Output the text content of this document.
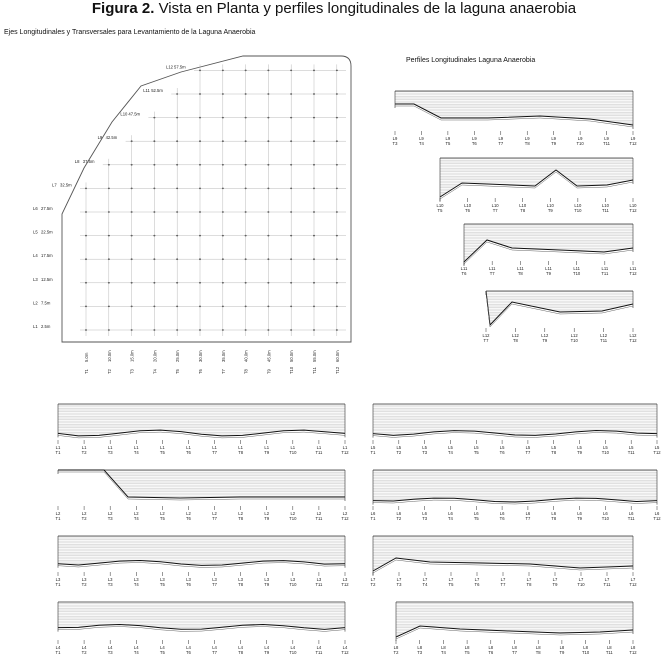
Figura 2. Vista en Planta y perfiles longitudinales de la laguna anaerobia
Ejes Longitudinales y Transversales para Levantamiento de la Laguna Anaerobia
Perfiles Longitudinales Laguna Anaerobia
L1 2.5m
L2 7.5m
L3 12.5m
L4 17.5m
L5 22.5m
L6 27.5m
L7 32.5m
L8 37.5m
L9 42.5m
L10 47.5m
L11 52.5m
L12 57.5m
T1
5.0m
T2
10.0m
T3
15.0m
T4
20.0m
T5
25.0m
T6
30.0m
T7
35.0m
T8
40.0m
T9
45.0m
T10
50.0m
T11
55.0m
T12
60.0m
L9
T3
L9
T4
L9
T5
L9
T6
L9
T7
L9
T8
L9
T9
L9
T10
L9
T11
L9
T12
L10
T5
L10
T6
L10
T7
L10
T8
L10
T9
L10
T10
L10
T11
L10
T12
L11
T6
L11
T7
L11
T8
L11
T9
L11
T10
L11
T11
L11
T12
L12
T7
L12
T8
L12
T9
L12
T10
L12
T11
L12
T12
L1
T1
L1
T2
L1
T3
L1
T4
L1
T5
L1
T6
L1
T7
L1
T8
L1
T9
L1
T10
L1
T11
L1
T12
L2
T1
L2
T2
L2
T3
L2
T4
L2
T5
L2
T6
L2
T7
L2
T8
L2
T9
L2
T10
L2
T11
L2
T12
L3
T1
L3
T2
L3
T3
L3
T4
L3
T5
L3
T6
L3
T7
L3
T8
L3
T9
L3
T10
L3
T11
L3
T12
L4
T1
L4
T2
L4
T3
L4
T4
L4
T5
L4
T6
L4
T7
L4
T8
L4
T9
L4
T10
L4
T11
L4
T12
L5
T1
L5
T2
L5
T3
L5
T4
L5
T5
L5
T6
L5
T7
L5
T8
L5
T9
L5
T10
L5
T11
L5
T12
L6
T1
L6
T2
L6
T3
L6
T4
L6
T5
L6
T6
L6
T7
L6
T8
L6
T9
L6
T10
L6
T11
L6
T12
L7
T2
L7
T3
L7
T4
L7
T5
L7
T6
L7
T7
L7
T8
L7
T9
L7
T10
L7
T11
L7
T12
L8
T2
L8
T3
L8
T4
L8
T5
L8
T6
L8
T7
L8
T8
L8
T9
L8
T10
L8
T11
L8
T12
